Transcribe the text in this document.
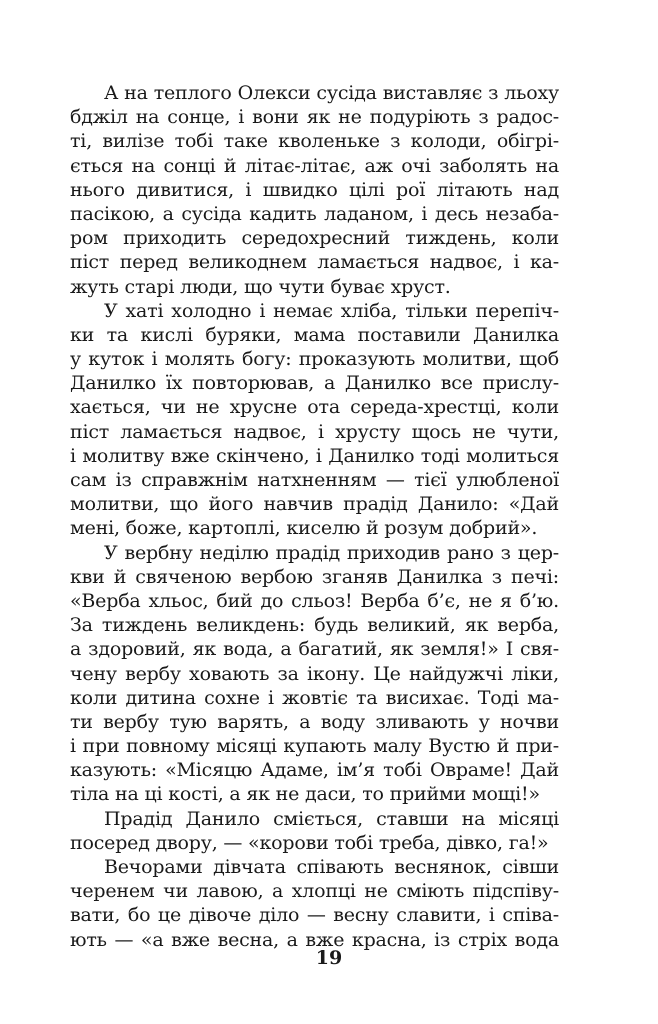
А на теплого Олекси сусіда виставляє з льоху
бджіл на сонце, і вони як не подуріють з радос-
ті, вилізе тобі таке кволеньке з колоди, обігрі-
ється на сонці й літає-літає, аж очі заболять на
нього дивитися, і швидко цілі рої літають над
пасікою, а сусіда кадить ладаном, і десь незаба-
ром приходить середохресний тиждень, коли
піст перед великоднем ламається надвоє, і ка-
жуть старі люди, що чути буває хруст.
У хаті холодно і немає хліба, тільки перепіч-
ки та кислі буряки, мама поставили Данилка
у куток і молять богу: проказують молитви, щоб
Данилко їх повторював, а Данилко все прислу-
хається, чи не хрусне ота середа-хрестці, коли
піст ламається надвоє, і хрусту щось не чути,
і молитву вже скінчено, і Данилко тоді молиться
сам із справжнім натхненням — тієї улюбленої
молитви, що його навчив прадід Данило: «Дай
мені, боже, картоплі, киселю й розум добрий».
У вербну неділю прадід приходив рано з цер-
кви й свяченою вербою зганяв Данилка з печі:
«Верба хльос, бий до сльоз! Верба б’є, не я б’ю.
За тиждень великдень: будь великий, як верба,
а здоровий, як вода, а багатий, як земля!» І свя-
чену вербу ховають за ікону. Це найдужчі ліки,
коли дитина сохне і жовтіє та висихає. Тоді ма-
ти вербу тую варять, а воду зливають у ночви
і при повному місяці купають малу Вустю й при-
казують: «Місяцю Адаме, ім’я тобі Овраме! Дай
тіла на ці кості, а як не даси, то прийми мощі!»
Прадід Данило сміється, ставши на місяці
посеред двору, — «корови тобі треба, дівко, га!»
Вечорами дівчата співають веснянок, сівши
черенем чи лавою, а хлопці не сміють підспіву-
вати, бо це дівоче діло — весну славити, і співа-
ють — «а вже весна, а вже красна, із стріх вода
19
